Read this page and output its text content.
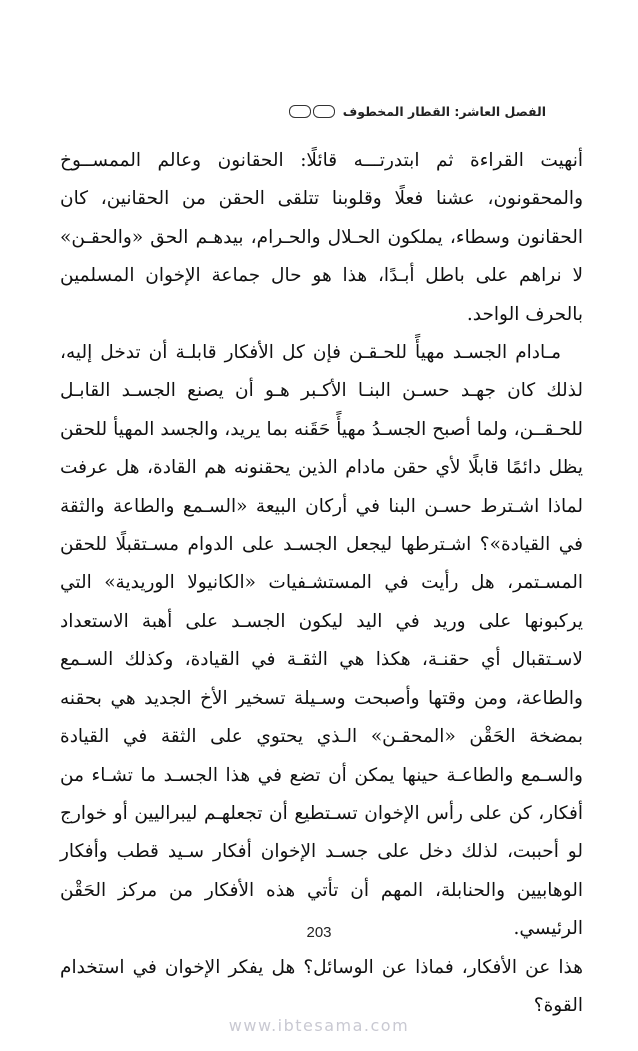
الفصل العاشر: القطار المخطوف

أنهيت القراءة ثم ابتدرتـــه قائلًا: الحقانون وعالم الممســوخ والمحقونون، عشنا فعلًا وقلوبنا تتلقى الحقن من الحقانين، كان الحقانون وسطاء، يملكون الحـلال والحـرام، بيدهـم الحق «والحقـن» لا نراهم على باطل أبـدًا، هذا هو حال جماعة الإخوان المسلمين بالحرف الواحد.

مـادام الجسـد مهيأً للحـقـن فإن كل الأفكار قابلـة أن تدخل إليه، لذلك كان جهـد حسـن البنـا الأكـبر هـو أن يصنع الجسـد القابـل للحـقــن، ولما أصبح الجسـدُ مهيأً حَقَنه بما يريد، والجسد المهيأ للحقن يظل دائمًا قابلًا لأي حقن مادام الذين يحقنونه هم القادة، هل عرفت لماذا اشـترط حسـن البنا في أركان البيعة «السـمع والطاعة والثقة في القيادة»؟ اشـترطها ليجعل الجسـد على الدوام مسـتقبلًا للحقن المسـتمر، هل رأيت في المستشـفيات «الكانيولا الوريدية» التي يركبونها على وريد في اليد ليكون الجسـد على أهبة الاستعداد لاسـتقبال أي حقنـة، هكذا هي الثقـة في القيادة، وكذلك السـمع والطاعة، ومن وقتها وأصبحت وسـيلة تسخير الأخ الجديد هي بحقنه بمضخة الحَقْن «المحقـن» الـذي يحتوي على الثقة في القيادة والسـمع والطاعـة حينها يمكن أن تضع في هذا الجسـد ما تشـاء من أفكار، كن على رأس الإخوان تسـتطيع أن تجعلهـم ليبراليين أو خوارج لو أحببت، لذلك دخل على جسـد الإخوان أفكار سـيد قطب وأفكار الوهابيين والحنابلة، المهم أن تأتي هذه الأفكار من مركز الحَقْن الرئيسي.

هذا عن الأفكار، فماذا عن الوسائل؟ هل يفكر الإخوان في استخدام القوة؟

203
www.ibtesama.com
